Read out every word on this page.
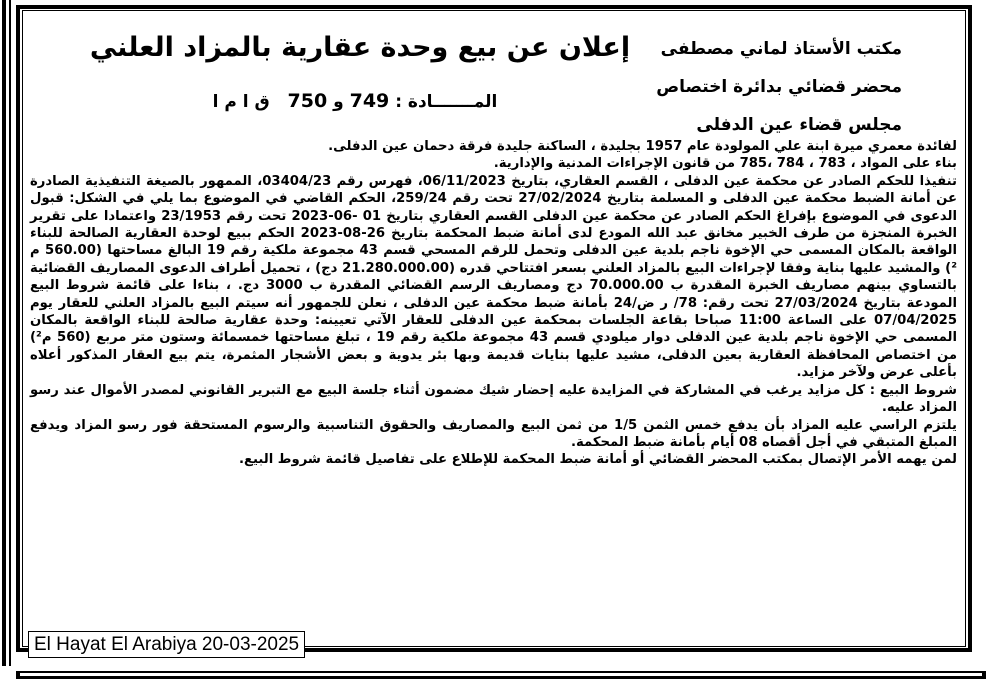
مكتب الأستاذ لماني مصطفى
محضر قضائي بدائرة اختصاص
مجلس قضاء عين الدفلى
إعلان عن بيع وحدة عقارية بالمزاد العلني
المـــــــادة : 749 و 750   ق ا م ا

لفائدة معمري ميرة ابنة علي المولودة عام 1957 بجليدة ، الساكنة جليدة فرقة دحمان عين الدفلى.

بناء على المواد ، 783 ، 784 ،785 من قانون الإجراءات المدنية والإدارية.

تنفيذا للحكم الصادر عن محكمة عين الدفلى ، القسم العقاري، بتاريخ 06/11/2023، فهرس رقم 03404/23، الممهور بالصيغة التنفيذية الصادرة عن أمانة الضبط محكمة عين الدفلى و المسلمة بتاريخ 27/02/2024 تحت رقم 259/24، الحكم القاضي في الموضوع بما يلي في الشكل: قبول الدعوى في الموضوع بإفراغ الحكم الصادر عن محكمة عين الدفلى القسم العقاري بتاريخ 01 -06-2023 تحت رقم 23/1953 واعتمادا على تقرير الخبرة المنجزة من طرف الخبير مخانق عبد الله المودع لدى أمانة ضبط المحكمة بتاريخ 26-08-2023 الحكم ببيع لوحدة العقارية الصالحة للبناء الواقعة بالمكان المسمى حي الإخوة ناجم بلدية عين الدفلى وتحمل للرقم المسحي قسم 43 مجموعة ملكية رقم 19 البالغ مساحتها (560.00 م ²) والمشيد عليها بناية وفقا لإجراءات البيع بالمزاد العلني بسعر افتتاحي قدره (21.280.000.00 دج) ، تحميل أطراف الدعوى المصاريف القضائية بالتساوي بينهم مصاريف الخبرة المقدرة ب 70.000.00 دج ومصاريف الرسم القضائي المقدرة ب 3000 دج. ، بناءا على قائمة شروط البيع المودعة بتاريخ 27/03/2024 تحت رقم: 78/ ر ض/24 بأمانة ضبط محكمة عين الدفلى ، نعلن للجمهور أنه سيتم البيع بالمزاد العلني للعقار يوم 07/04/2025 على الساعة 11:00 صباحا بقاعة الجلسات بمحكمة عين الدفلى للعقار الآتي تعيينه: وحدة عقارية صالحة للبناء الواقعة بالمكان المسمى حي الإخوة ناجم بلدية عين الدفلى دوار ميلودي قسم 43 مجموعة ملكية رقم 19 ، تبلغ مساحتها خمسمائة وستون متر مربع (560 م²) من اختصاص المحافظة العقارية بعين الدفلى، مشيد عليها بنايات قديمة وبها بئر يدوية و بعض الأشجار المثمرة، يتم بيع العقار المذكور أعلاه بأعلى عرض ولآخر مزايد.

شروط البيع : كل مزايد يرغب في المشاركة في المزايدة عليه إحضار شيك مضمون أثناء جلسة البيع مع التبرير القانوني لمصدر الأموال عند رسو المزاد عليه.

يلتزم الراسي عليه المزاد بأن يدفع خمس الثمن 1/5 من ثمن البيع والمصاريف والحقوق التناسبية والرسوم المستحقة فور رسو المزاد ويدفع المبلغ المتبقي في أجل أقصاه 08 أيام بأمانة ضبط المحكمة.

لمن يهمه الأمر الإتصال بمكتب المحضر القضائي أو أمانة ضبط المحكمة للإطلاع على تفاصيل قائمة شروط البيع.

El Hayat El Arabiya 20-03-2025
